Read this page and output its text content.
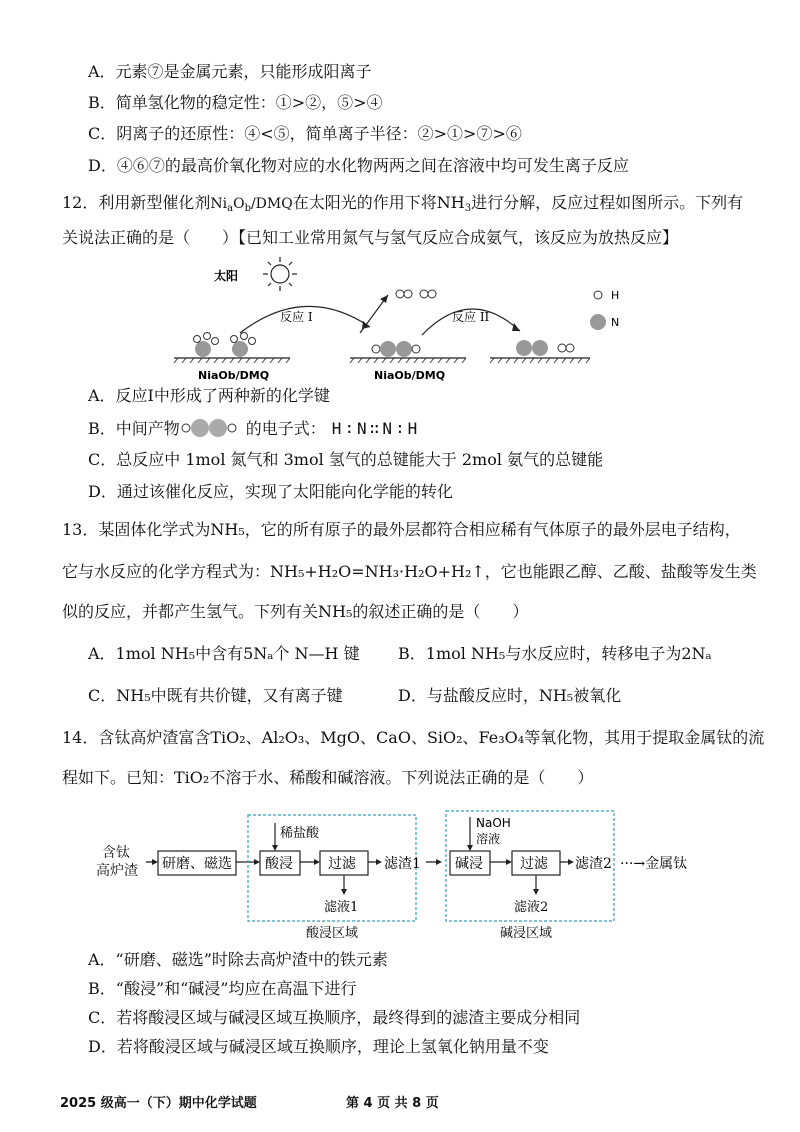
A．元素⑦是金属元素，只能形成阳离子
B．简单氢化物的稳定性：①>②，⑤>④
C．阴离子的还原性：④<⑤，简单离子半径：②>①>⑦>⑥
D．④⑥⑦的最高价氧化物对应的水化物两两之间在溶液中均可发生离子反应
12．利用新型催化剂$Ni_aO_b$/DMQ在太阳光的作用下将$NH_3$进行分解，反应过程如图所示。下列有
关说法正确的是（　　）【已知工业常用氮气与氢气反应合成氨气，该反应为放热反应】
太阳
NiaOb/DMQ
反应 I
NiaOb/DMQ
反应 II
H
N
A．反应Ⅰ中形成了两种新的化学键
B．中间产物	的电子式： H∶N∷N∶H
C．总反应中 1mol 氮气和 3mol 氢气的总键能大于 2mol 氨气的总键能
D．通过该催化反应，实现了太阳能向化学能的转化
13．某固体化学式为NH₅，它的所有原子的最外层都符合相应稀有气体原子的最外层电子结构，
它与水反应的化学方程式为：NH₅+H₂O=NH₃·H₂O+H₂↑，它也能跟乙醇、乙酸、盐酸等发生类
似的反应，并都产生氢气。下列有关NH₅的叙述正确的是（　　）
A．1mol NH₅中含有5Nₐ个 N—H 键 B．1mol NH₅与水反应时，转移电子为2Nₐ
C．NH₅中既有共价键，又有离子键	D．与盐酸反应时，NH₅被氧化
14．含钛高炉渣富含TiO₂、Al₂O₃、MgO、CaO、SiO₂、Fe₃O₄等氧化物，其用于提取金属钛的流
程如下。已知：TiO₂不溶于水、稀酸和碱溶液。下列说法正确的是（　　）
含钛
高炉渣 研磨、磁选
稀盐酸
酸浸	过滤
滤液1
滤渣1
酸浸区域
NaOH
溶液
碱浸	过滤
滤液2
滤渣2
碱浸区域
···→金属钛
A．“研磨、磁选”时除去高炉渣中的铁元素
B．“酸浸”和“碱浸”均应在高温下进行
C．若将酸浸区域与碱浸区域互换顺序，最终得到的滤渣主要成分相同
D．若将酸浸区域与碱浸区域互换顺序，理论上氢氧化钠用量不变
2025 级高一（下）期中化学试题	第 4 页 共 8 页
